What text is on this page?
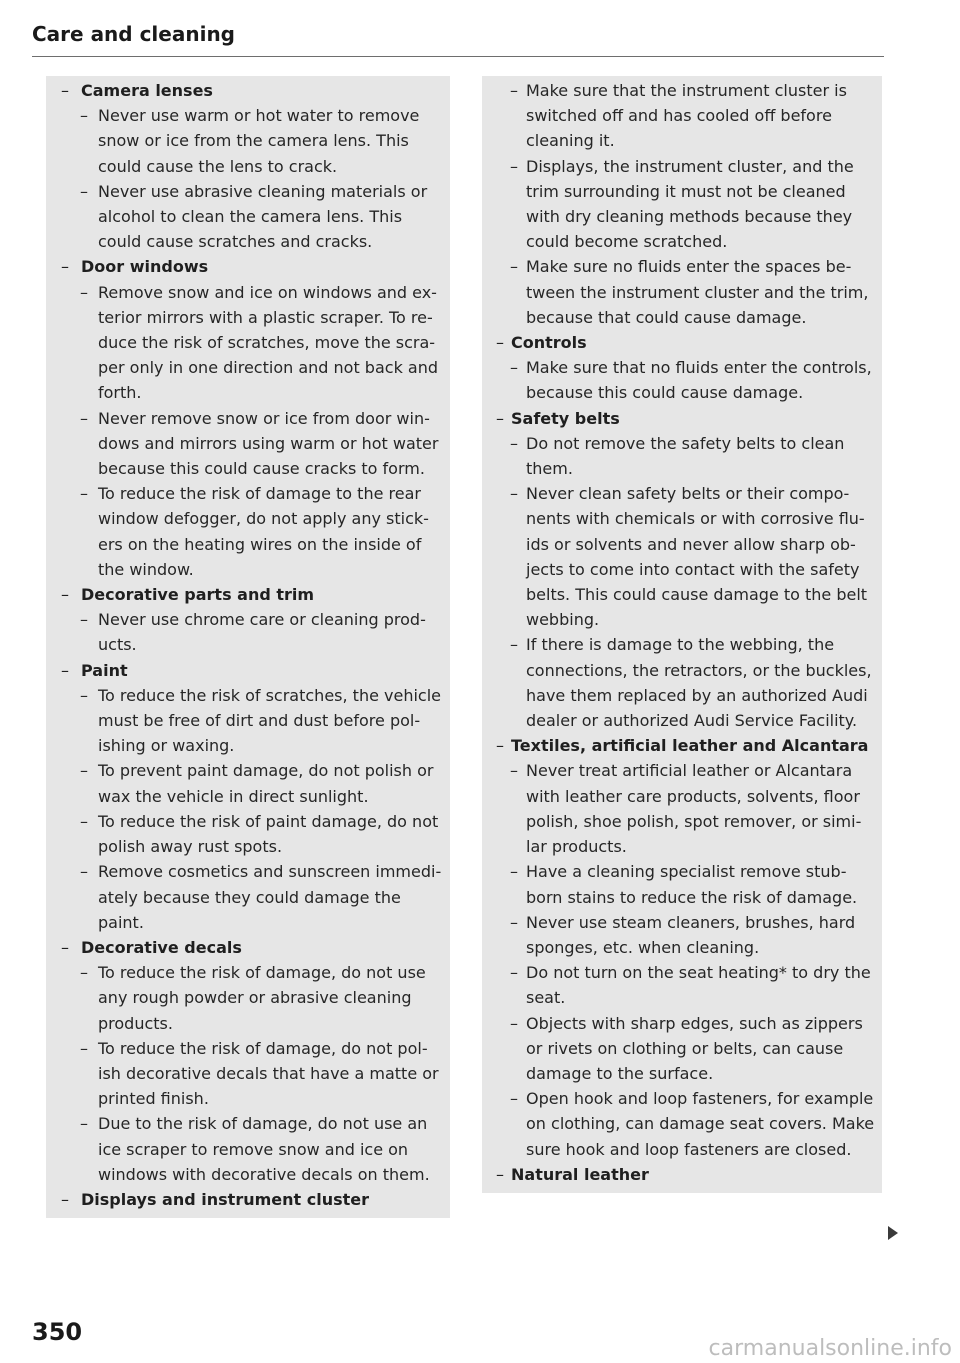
Care and cleaning
– Camera lenses
– Never use warm or hot water to remove snow or ice from the camera lens. This could cause the lens to crack.
– Never use abrasive cleaning materials or alcohol to clean the camera lens. This could cause scratches and cracks.
– Door windows
– Remove snow and ice on windows and exterior mirrors with a plastic scraper. To reduce the risk of scratches, move the scraper only in one direction and not back and forth.
– Never remove snow or ice from door windows and mirrors using warm or hot water because this could cause cracks to form.
– To reduce the risk of damage to the rear window defogger, do not apply any stickers on the heating wires on the inside of the window.
– Decorative parts and trim
– Never use chrome care or cleaning products.
– Paint
– To reduce the risk of scratches, the vehicle must be free of dirt and dust before polishing or waxing.
– To prevent paint damage, do not polish or wax the vehicle in direct sunlight.
– To reduce the risk of paint damage, do not polish away rust spots.
– Remove cosmetics and sunscreen immediately because they could damage the paint.
– Decorative decals
– To reduce the risk of damage, do not use any rough powder or abrasive cleaning products.
– To reduce the risk of damage, do not polish decorative decals that have a matte or printed finish.
– Due to the risk of damage, do not use an ice scraper to remove snow and ice on windows with decorative decals on them.
– Displays and instrument cluster
– Make sure that the instrument cluster is switched off and has cooled off before cleaning it.
– Displays, the instrument cluster, and the trim surrounding it must not be cleaned with dry cleaning methods because they could become scratched.
– Make sure no fluids enter the spaces between the instrument cluster and the trim, because that could cause damage.
– Controls
– Make sure that no fluids enter the controls, because this could cause damage.
– Safety belts
– Do not remove the safety belts to clean them.
– Never clean safety belts or their components with chemicals or with corrosive fluids or solvents and never allow sharp objects to come into contact with the safety belts. This could cause damage to the belt webbing.
– If there is damage to the webbing, the connections, the retractors, or the buckles, have them replaced by an authorized Audi dealer or authorized Audi Service Facility.
– Textiles, artificial leather and Alcantara
– Never treat artificial leather or Alcantara with leather care products, solvents, floor polish, shoe polish, spot remover, or similar products.
– Have a cleaning specialist remove stubborn stains to reduce the risk of damage.
– Never use steam cleaners, brushes, hard sponges, etc. when cleaning.
– Do not turn on the seat heating* to dry the seat.
– Objects with sharp edges, such as zippers or rivets on clothing or belts, can cause damage to the surface.
– Open hook and loop fasteners, for example on clothing, can damage seat covers. Make sure hook and loop fasteners are closed.
– Natural leather
350
carmanualsonline.info
